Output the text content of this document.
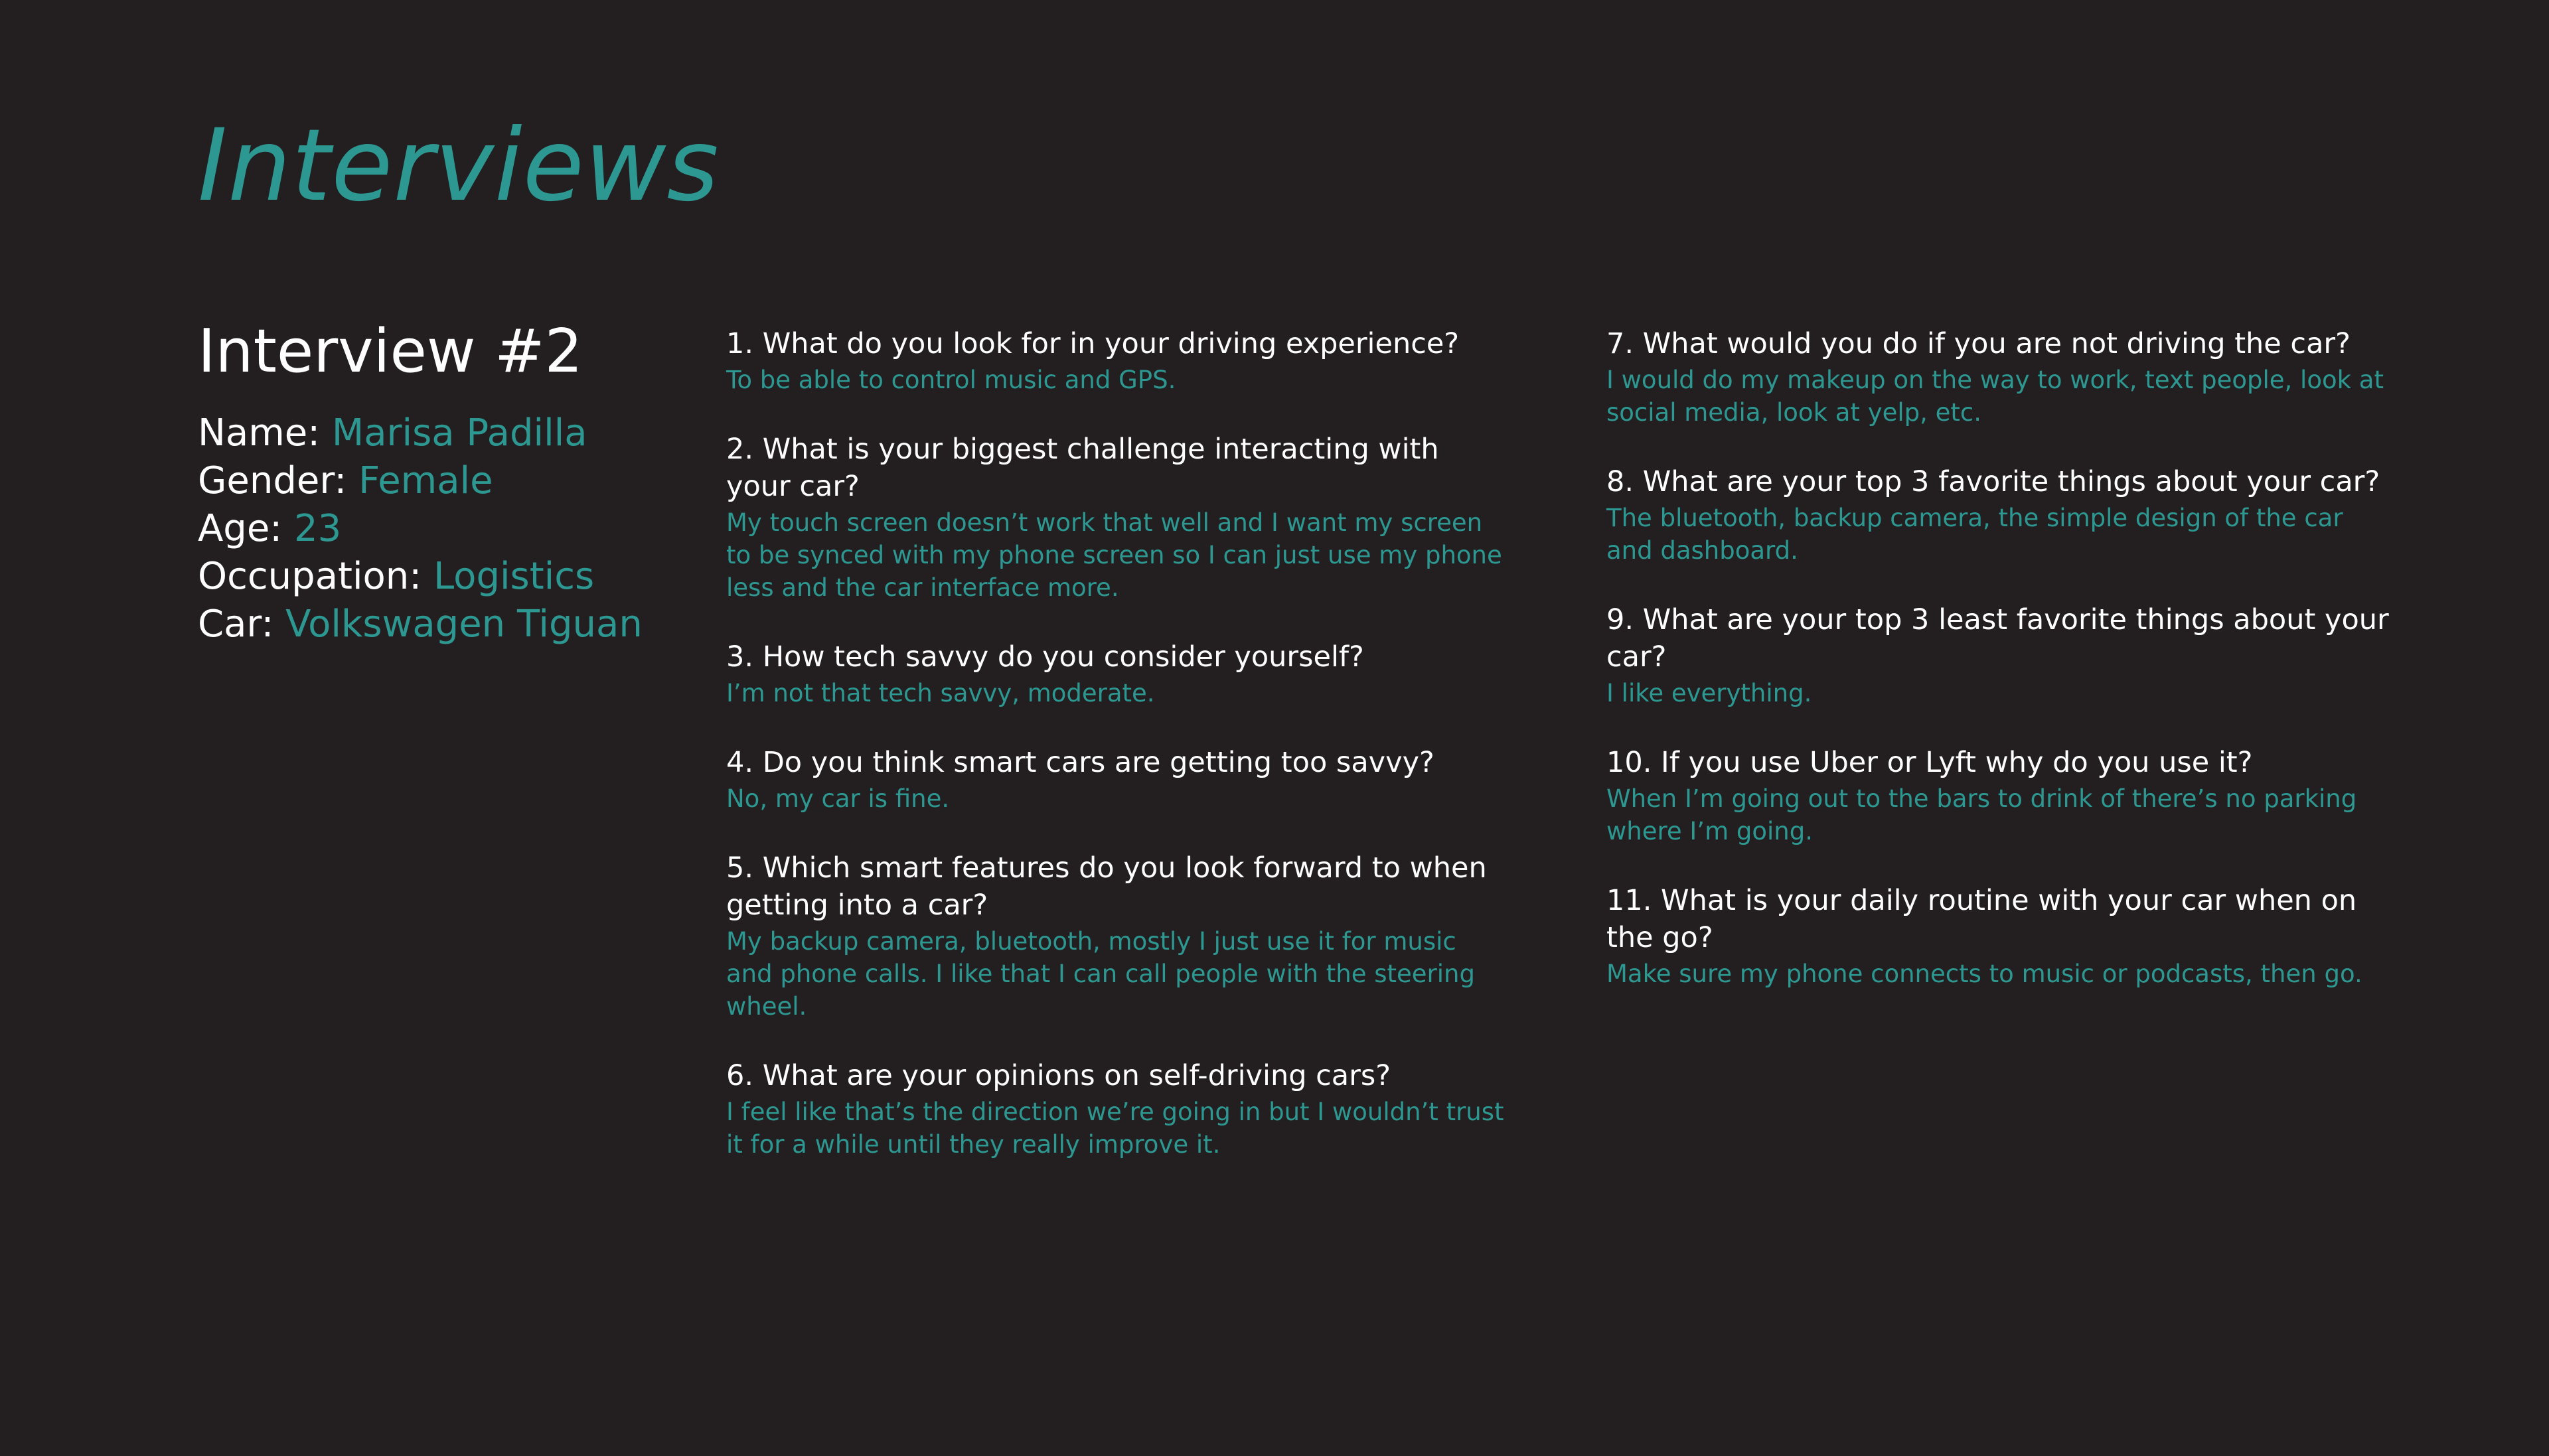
Interviews
Interview #2
Name: Marisa Padilla
Gender: Female
Age: 23
Occupation: Logistics
Car: Volkswagen Tiguan
1. What do you look for in your driving experience?
To be able to control music and GPS.
2. What is your biggest challenge interacting with your car?
My touch screen doesn’t work that well and I want my screen to be synced with my phone screen so I can just use my phone less and the car interface more.
3. How tech savvy do you consider yourself?
I’m not that tech savvy, moderate.
4. Do you think smart cars are getting too savvy?
No, my car is fine.
5. Which smart features do you look forward to when getting into a car?
My backup camera, bluetooth, mostly I just use it for music and phone calls. I like that I can call people with the steering wheel.
6. What are your opinions on self-driving cars?
I feel like that’s the direction we’re going in but I wouldn’t trust it for a while until they really improve it.
7. What would you do if you are not driving the car?
I would do my makeup on the way to work, text people, look at social media, look at yelp, etc.
8. What are your top 3 favorite things about your car?
The bluetooth, backup camera, the simple design of the car and dashboard.
9. What are your top 3 least favorite things about your car?
I like everything.
10. If you use Uber or Lyft why do you use it?
When I’m going out to the bars to drink of there’s no parking where I’m going.
11. What is your daily routine with your car when on the go?
Make sure my phone connects to music or podcasts, then go.
